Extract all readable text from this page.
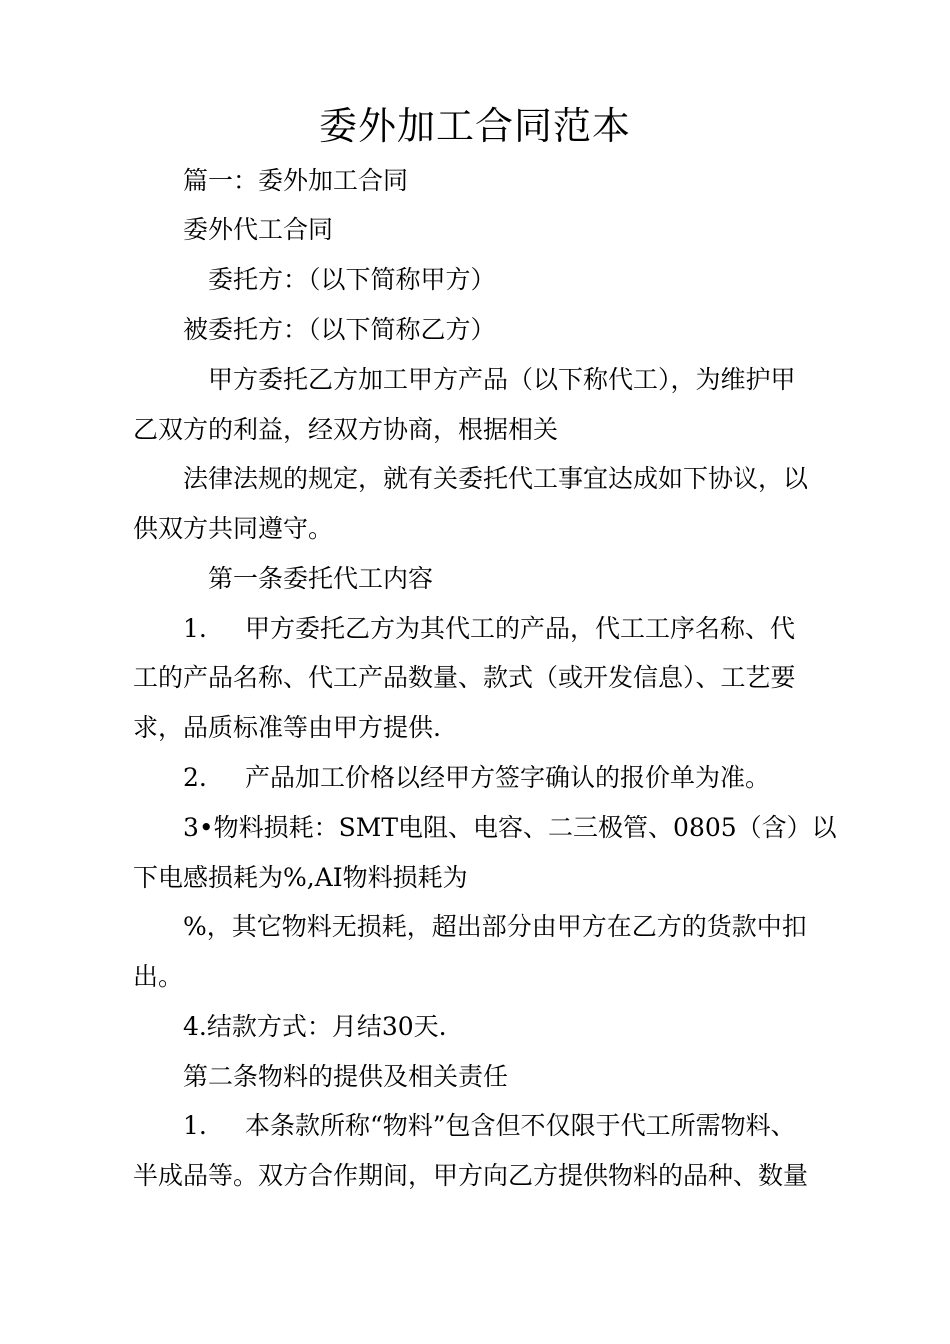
委外加工合同范本
篇一：委外加工合同
委外代工合同
委托方：（以下简称甲方）
被委托方：（以下简称乙方）
甲方委托乙方加工甲方产品（以下称代工），为维护甲
乙双方的利益，经双方协商，根据相关
法律法规的规定，就有关委托代工事宜达成如下协议，以
供双方共同遵守。
第一条委托代工内容
1. 甲方委托乙方为其代工的产品，代工工序名称、代
工的产品名称、代工产品数量、款式（或开发信息）、工艺要
求，品质标准等由甲方提供.
2. 产品加工价格以经甲方签字确认的报价单为准。
3•物料损耗：SMT电阻、电容、二三极管、0805（含）以
下电感损耗为%,AI物料损耗为
%，其它物料无损耗，超出部分由甲方在乙方的货款中扣
出。
4.结款方式：月结30天.
第二条物料的提供及相关责任
1. 本条款所称“物料”包含但不仅限于代工所需物料、
半成品等。双方合作期间，甲方向乙方提供物料的品种、数量
